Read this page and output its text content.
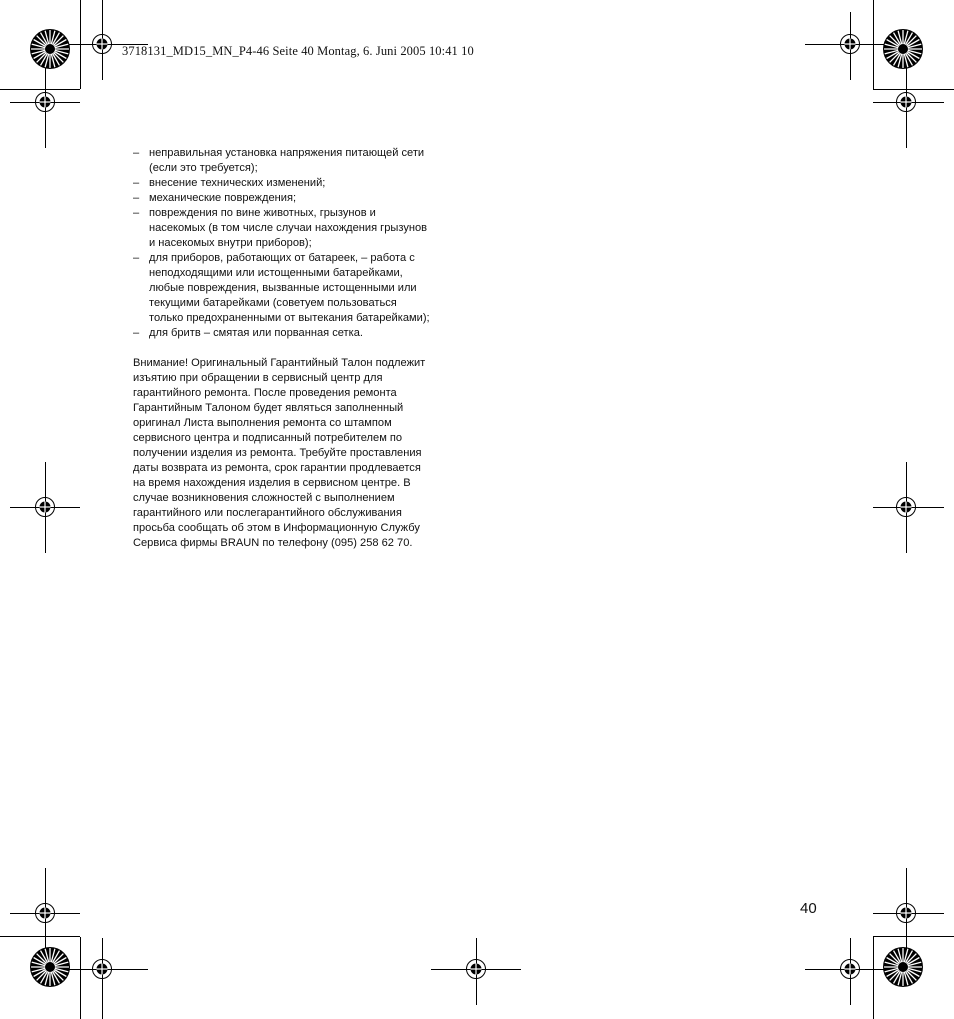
3718131_MD15_MN_P4-46 Seite 40 Montag, 6. Juni 2005 10:41 10
– неправильная установка напряжения питающей сети
(если это требуется);
– внесение технических изменений;
– механические повреждения;
– повреждения по вине животных, грызунов и
насекомых (в том числе случаи нахождения грызунов
и насекомых внутри приборов);
– для приборов, работающих от батареек, – работа с
неподходящими или истощенными батарейками,
любые повреждения, вызванные истощенными или
текущими батарейками (советуем пользоваться
только предохраненными от вытекания батарейками);
– для бритв – смятая или порванная сетка.
Внимание! Оригинальный Гарантийный Талон подлежит
изъятию при обращении в сервисный центр для
гарантийного ремонта. После проведения ремонта
Гарантийным Талоном будет являться заполненный
оригинал Листа выполнения ремонта со штампом
сервисного центра и подписанный потребителем по
получении изделия из ремонта. Требуйте проставления
даты возврата из ремонта, срок гарантии продлевается
на время нахождения изделия в сервисном центре. В
случае возникновения сложностей с выполнением
гарантийного или послегарантийного обслуживания
просьба сообщать об этом в Информационную Службу
Сервиса фирмы BRAUN по телефону (095) 258 62 70.
40
